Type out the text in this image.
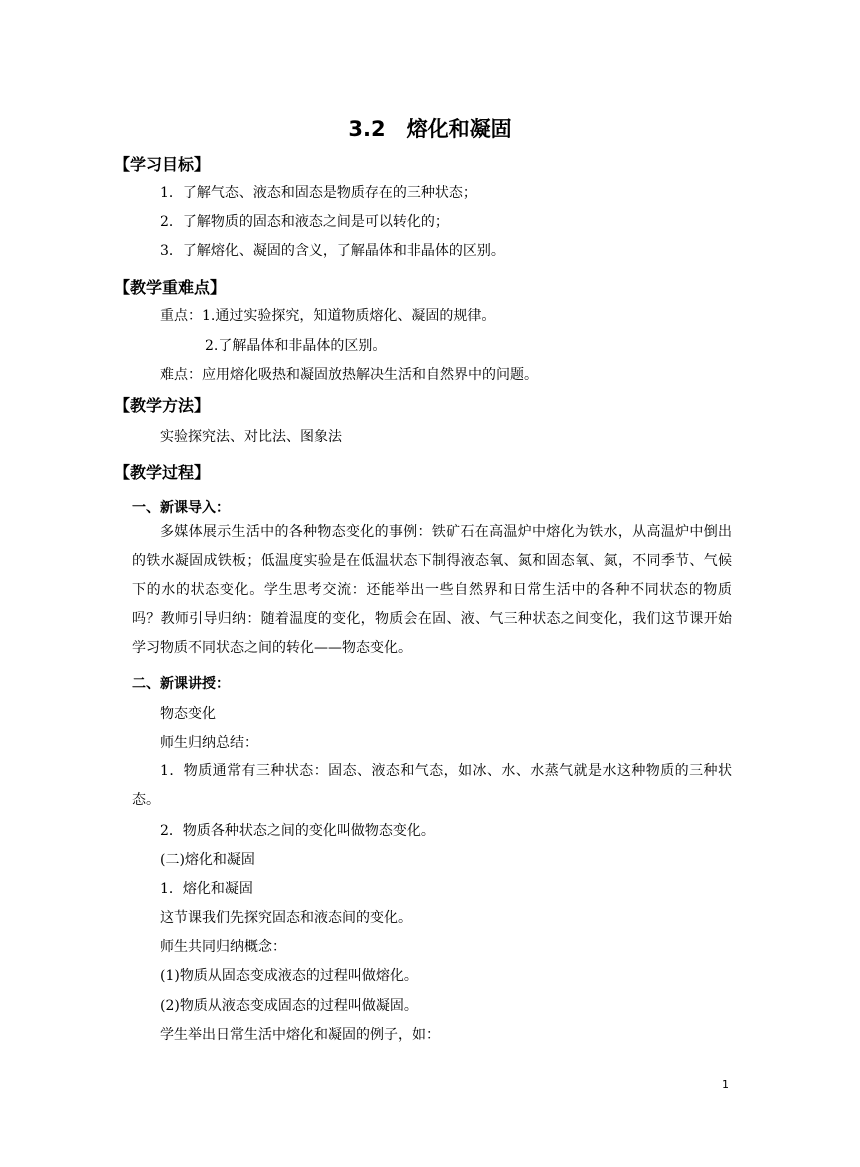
3.2　熔化和凝固
【学习目标】
1．了解气态、液态和固态是物质存在的三种状态；
2．了解物质的固态和液态之间是可以转化的；
3．了解熔化、凝固的含义，了解晶体和非晶体的区别。
【教学重难点】
重点：1.通过实验探究，知道物质熔化、凝固的规律。
2.了解晶体和非晶体的区别。
难点：应用熔化吸热和凝固放热解决生活和自然界中的问题。
【教学方法】
实验探究法、对比法、图象法
【教学过程】
一、新课导入：
多媒体展示生活中的各种物态变化的事例：铁矿石在高温炉中熔化为铁水，从高温炉中倒出的铁水凝固成铁板；低温度实验是在低温状态下制得液态氧、氮和固态氧、氮，不同季节、气候下的水的状态变化。学生思考交流：还能举出一些自然界和日常生活中的各种不同状态的物质吗？教师引导归纳：随着温度的变化，物质会在固、液、气三种状态之间变化，我们这节课开始学习物质不同状态之间的转化——物态变化。
二、新课讲授：
物态变化
师生归纳总结：
1．物质通常有三种状态：固态、液态和气态，如冰、水、水蒸气就是水这种物质的三种状态。
2．物质各种状态之间的变化叫做物态变化。
(二)熔化和凝固
1．熔化和凝固
这节课我们先探究固态和液态间的变化。
师生共同归纳概念：
(1)物质从固态变成液态的过程叫做熔化。
(2)物质从液态变成固态的过程叫做凝固。
学生举出日常生活中熔化和凝固的例子，如：
1
